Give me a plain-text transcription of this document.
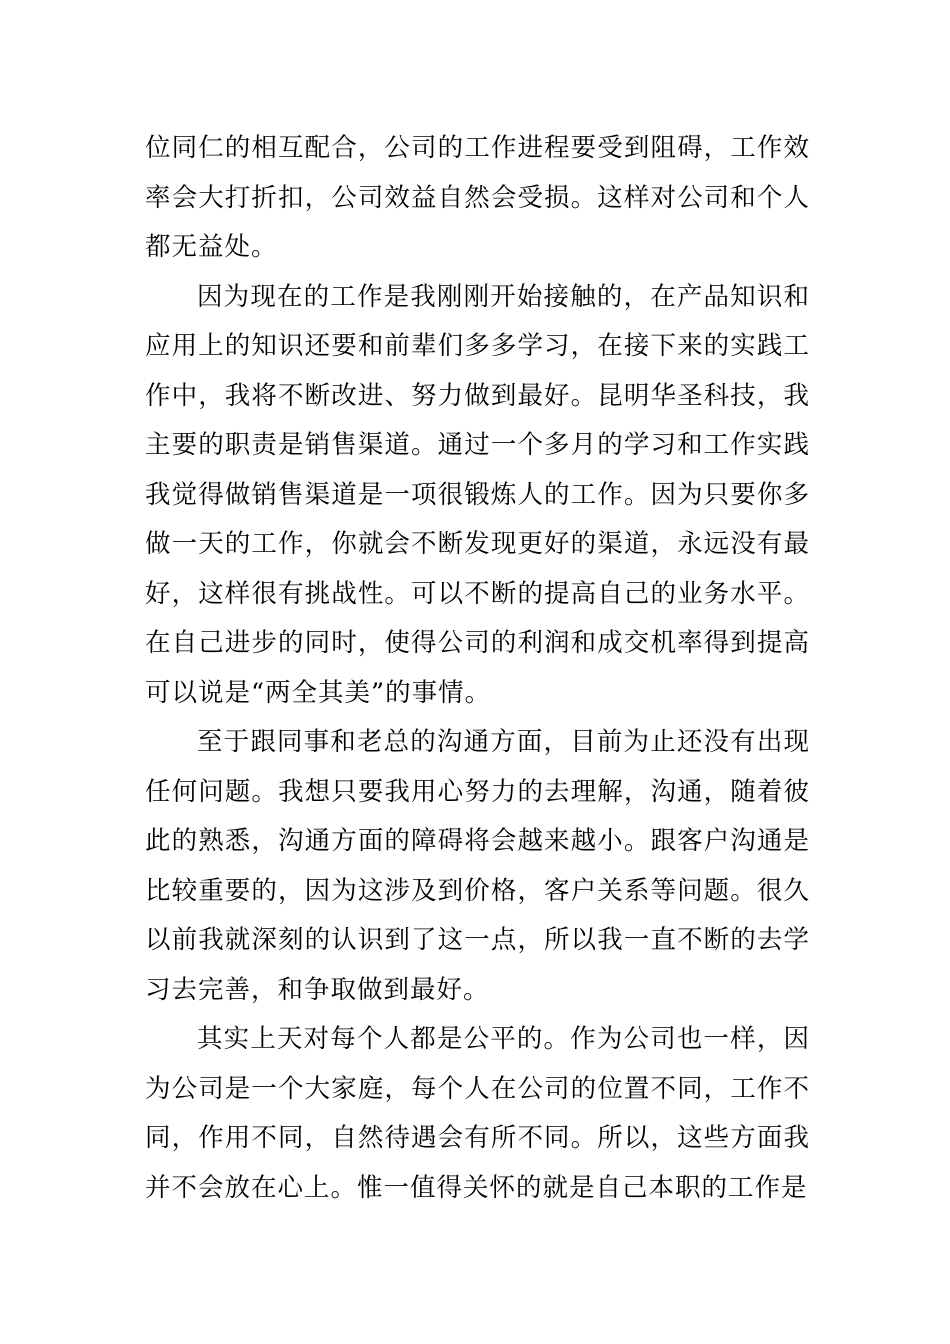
位同仁的相互配合，公司的工作进程要受到阻碍，工作效率会大打折扣，公司效益自然会受损。这样对公司和个人都无益处。

因为现在的工作是我刚刚开始接触的，在产品知识和应用上的知识还要和前辈们多多学习，在接下来的实践工作中，我将不断改进、努力做到最好。昆明华圣科技，我主要的职责是销售渠道。通过一个多月的学习和工作实践我觉得做销售渠道是一项很锻炼人的工作。因为只要你多做一天的工作，你就会不断发现更好的渠道，永远没有最好，这样很有挑战性。可以不断的提高自己的业务水平。在自己进步的同时，使得公司的利润和成交机率得到提高可以说是“两全其美”的事情。

至于跟同事和老总的沟通方面，目前为止还没有出现任何问题。我想只要我用心努力的去理解，沟通，随着彼此的熟悉，沟通方面的障碍将会越来越小。跟客户沟通是比较重要的，因为这涉及到价格，客户关系等问题。很久以前我就深刻的认识到了这一点，所以我一直不断的去学习去完善，和争取做到最好。

其实上天对每个人都是公平的。作为公司也一样，因为公司是一个大家庭，每个人在公司的位置不同，工作不同，作用不同，自然待遇会有所不同。所以，这些方面我并不会放在心上。惟一值得关怀的就是自己本职的工作是
